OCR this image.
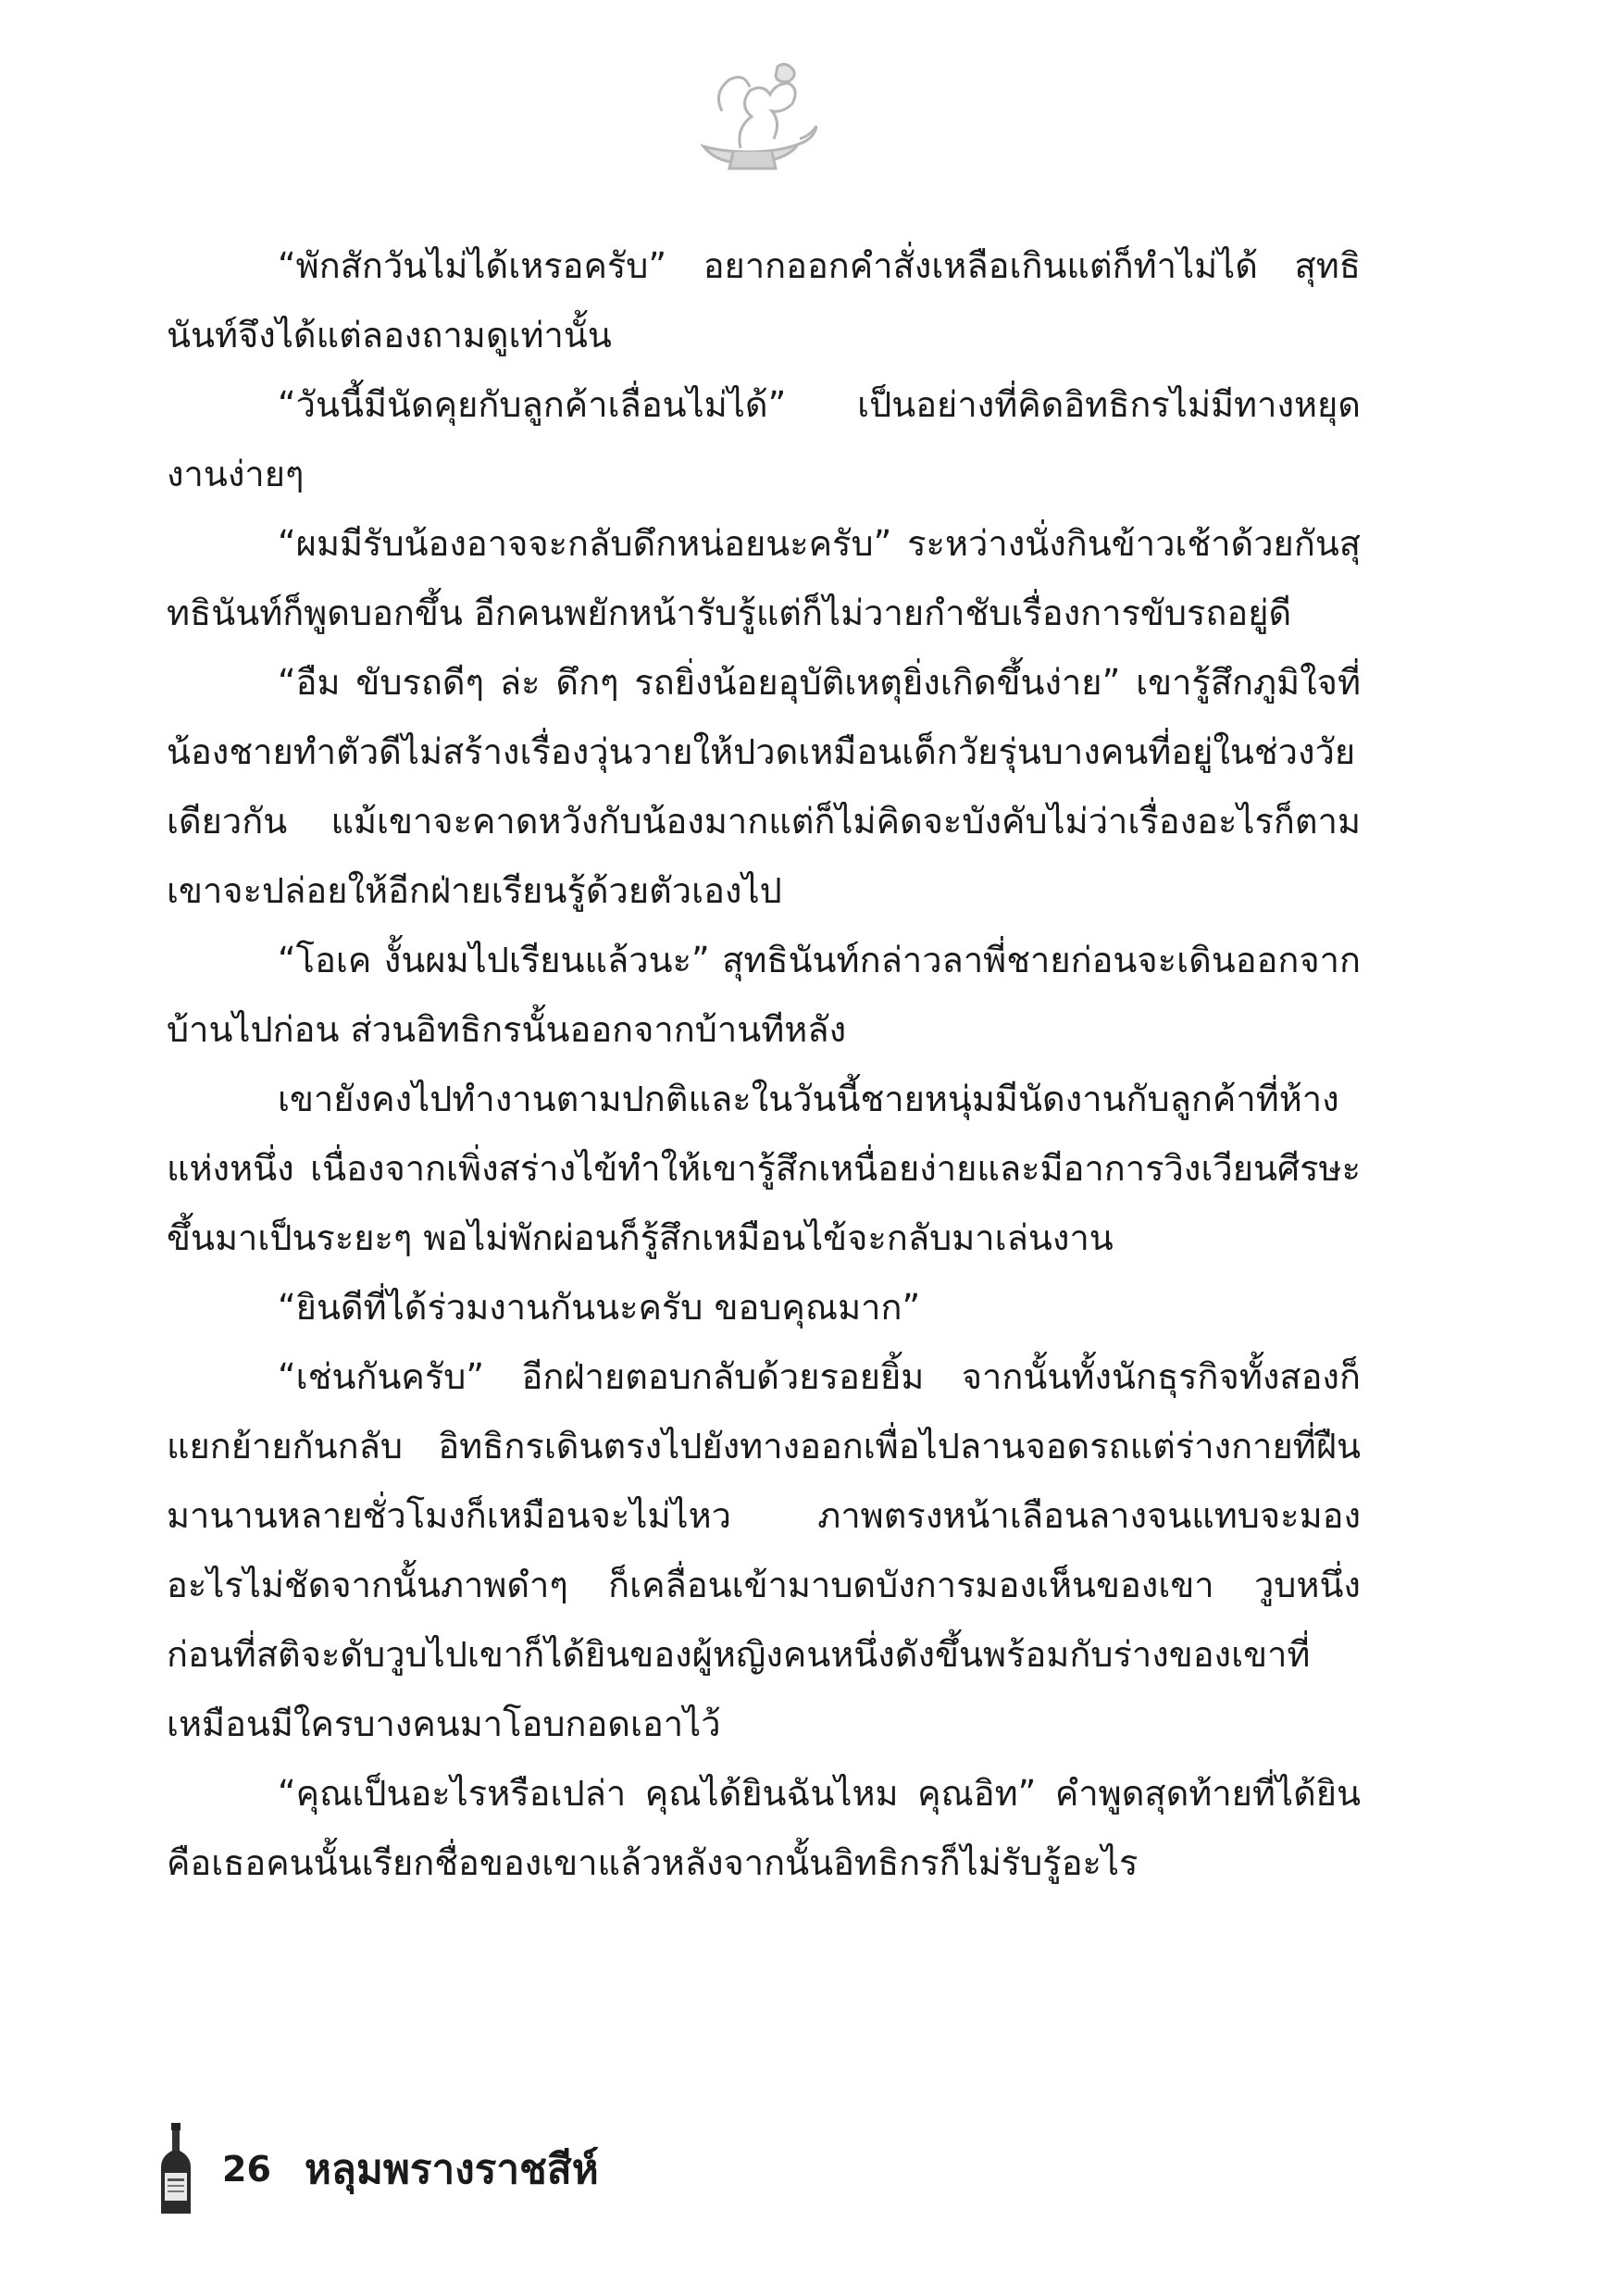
“พักสักวันไม่ได้เหรอครับ” อยากออกคำสั่งเหลือเกินแต่ก็ทำไม่ได้ สุทธินันท์จึงได้แต่ลองถามดูเท่านั้น

“วันนี้มีนัดคุยกับลูกค้าเลื่อนไม่ได้” เป็นอย่างที่คิดอิทธิกรไม่มีทางหยุดงานง่ายๆ

“ผมมีรับน้องอาจจะกลับดึกหน่อยนะครับ” ระหว่างนั่งกินข้าวเช้าด้วยกันสุทธินันท์ก็พูดบอกขึ้น อีกคนพยักหน้ารับรู้แต่ก็ไม่วายกำชับเรื่องการขับรถอยู่ดี

“อืม ขับรถดีๆ ล่ะ ดึกๆ รถยิ่งน้อยอุบัติเหตุยิ่งเกิดขึ้นง่าย” เขารู้สึกภูมิใจที่น้องชายทำตัวดีไม่สร้างเรื่องวุ่นวายให้ปวดเหมือนเด็กวัยรุ่นบางคนที่อยู่ในช่วงวัยเดียวกัน แม้เขาจะคาดหวังกับน้องมากแต่ก็ไม่คิดจะบังคับไม่ว่าเรื่องอะไรก็ตามเขาจะปล่อยให้อีกฝ่ายเรียนรู้ด้วยตัวเองไป

“โอเค งั้นผมไปเรียนแล้วนะ” สุทธินันท์กล่าวลาพี่ชายก่อนจะเดินออกจากบ้านไปก่อน ส่วนอิทธิกรนั้นออกจากบ้านทีหลัง

เขายังคงไปทำงานตามปกติและในวันนี้ชายหนุ่มมีนัดงานกับลูกค้าที่ห้างแห่งหนึ่ง เนื่องจากเพิ่งสร่างไข้ทำให้เขารู้สึกเหนื่อยง่ายและมีอาการวิงเวียนศีรษะขึ้นมาเป็นระยะๆ พอไม่พักผ่อนก็รู้สึกเหมือนไข้จะกลับมาเล่นงาน

“ยินดีที่ได้ร่วมงานกันนะครับ ขอบคุณมาก”

“เช่นกันครับ” อีกฝ่ายตอบกลับด้วยรอยยิ้ม จากนั้นทั้งนักธุรกิจทั้งสองก็แยกย้ายกันกลับ อิทธิกรเดินตรงไปยังทางออกเพื่อไปลานจอดรถแต่ร่างกายที่ฝืนมานานหลายชั่วโมงก็เหมือนจะไม่ไหว ภาพตรงหน้าเลือนลางจนแทบจะมองอะไรไม่ชัดจากนั้นภาพดำๆ ก็เคลื่อนเข้ามาบดบังการมองเห็นของเขา วูบหนึ่งก่อนที่สติจะดับวูบไปเขาก็ได้ยินของผู้หญิงคนหนึ่งดังขึ้นพร้อมกับร่างของเขาที่เหมือนมีใครบางคนมาโอบกอดเอาไว้

“คุณเป็นอะไรหรือเปล่า คุณได้ยินฉันไหม คุณอิท” คำพูดสุดท้ายที่ได้ยินคือเธอคนนั้นเรียกชื่อของเขาแล้วหลังจากนั้นอิทธิกรก็ไม่รับรู้อะไร

26 หลุมพรางราชสีห์
